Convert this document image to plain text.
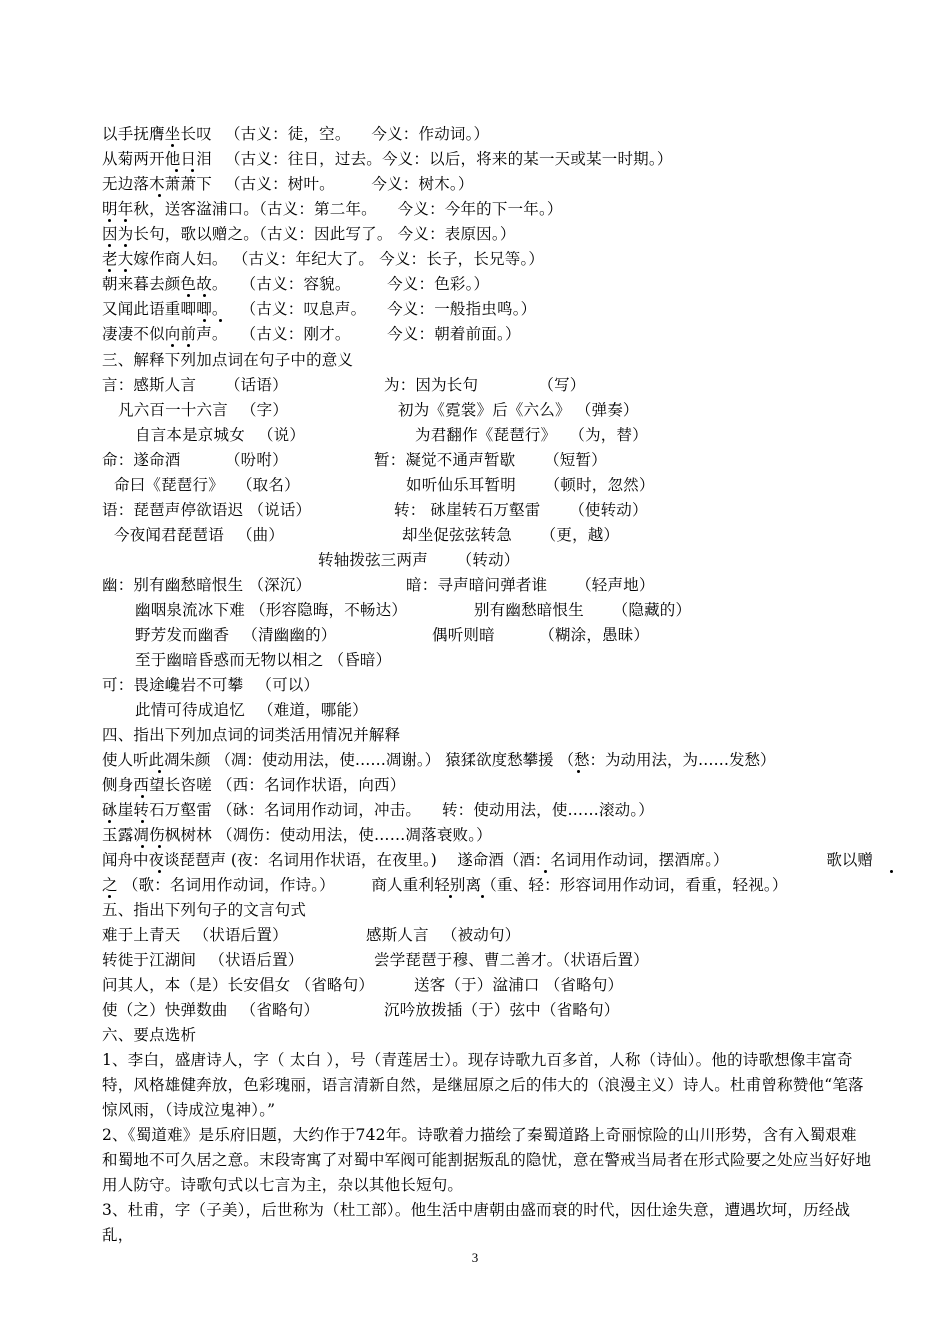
以手抚膺坐长叹 　（古义：徒，空。 　今义：作动词。）
从菊两开他日泪 　（古义：往日，过去。今义：以后，将来的某一天或某一时期。）
无边落木萧萧下 　（古义：树叶。 　　今义：树木。）
明年秋，送客湓浦口。（古义：第二年。 　今义：今年的下一年。）
因为长句，歌以赠之。（古义：因此写了。 今义：表原因。）
老大嫁作商人妇。 （古义：年纪大了。 今义：长子，长兄等。）
朝来暮去颜色故。 　（古义：容貌。 　　今义：色彩。）
又闻此语重唧唧。 　（古义：叹息声。 　今义：一般指虫鸣。）
凄凄不似向前声。 　（古义：刚才。 　　今义：朝着前面。）
三、解释下列加点词在句子中的意义

言：感斯人言 　　（话语）

	为：因为长句 　　　　（写）

凡六百一十六言 　（字）

	初为《霓裳》后《六么》 （弹奏）

自言本是京城女 　（说）

	为君翻作《琵琶行》 　（为，替）

命：遂命酒 　　　（吩咐）

	暂：凝觉不通声暂歇 　　（短暂）

命曰《琵琶行》 　（取名）

	如听仙乐耳暂明 　　（顿时，忽然）

语：琵琶声停欲语迟 （说话）

	转： 砯崖转石万壑雷 　　（使转动）

今夜闻君琵琶语 　（曲）

	却坐促弦弦转急 　　（更，越）

转轴拨弦三两声 　　（转动）

幽：别有幽愁暗恨生 （深沉）

	暗：寻声暗问弹者谁 　　（轻声地）

幽咽泉流冰下难 （形容隐晦，不畅达）

	别有幽愁暗恨生 　　（隐藏的）

野芳发而幽香 　（清幽幽的）

	偶听则暗 　　　（糊涂，愚昧）

至于幽暗昏惑而无物以相之 （昏暗）

可：畏途巉岩不可攀 　（可以）

此情可待成追忆 　（难道，哪能）

四、指出下列加点词的词类活用情况并解释
使人听此凋朱颜 （凋：使动用法，使……凋谢。） 猿猱欲度愁攀援 （愁：为动用法，为……发愁）
侧身西望长咨嗟 （西：名词作状语，向西）
砯崖转石万壑雷 （砯：名词用作动词，冲击。 　转：使动用法，使……滚动。）
玉露凋伤枫树林 （凋伤：使动用法，使……凋落衰败。）
闻舟中夜谈琵琶声 (夜：名词用作状语，在夜里。) 　遂命酒（酒：名词用作动词，摆酒席。） 　　　　　　歌以赠
之 （歌：名词用作动词，作诗。） 　　商人重利轻别离（重、轻：形容词用作动词，看重，轻视。）
五、指出下列句子的文言句式

难于上青天 　（状语后置）

	感斯人言 　（被动句）

转徙于江湖间 　（状语后置）

	尝学琵琶于穆、曹二善才。（状语后置）

问其人，本（是）长安倡女 （省略句）

	送客（于）湓浦口 （省略句）

使（之）快弹数曲 　（省略句）

	沉吟放拨插（于）弦中（省略句）

六、要点选析
1、李白，盛唐诗人，字（ 太白 ），号（青莲居士）。现存诗歌九百多首，人称（诗仙）。他的诗歌想像丰富奇特，风格雄健奔放，色彩瑰丽，语言清新自然，是继屈原之后的伟大的（浪漫主义）诗人。杜甫曾称赞他“笔落惊风雨，（诗成泣鬼神）。”
2、《蜀道难》是乐府旧题，大约作于742年。诗歌着力描绘了秦蜀道路上奇丽惊险的山川形势，含有入蜀艰难和蜀地不可久居之意。末段寄寓了对蜀中军阀可能割据叛乱的隐忧，意在警戒当局者在形式险要之处应当好好地用人防守。诗歌句式以七言为主，杂以其他长短句。
3、杜甫，字（子美），后世称为（杜工部）。他生活中唐朝由盛而衰的时代，因仕途失意，遭遇坎坷，历经战乱，
3
